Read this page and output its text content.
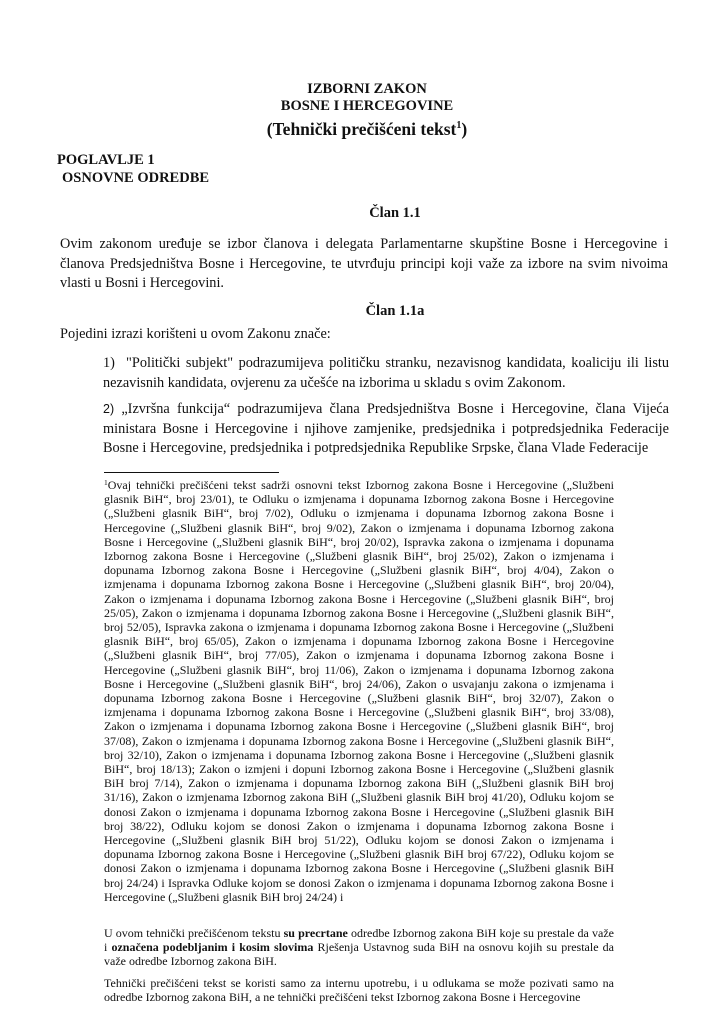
IZBORNI ZAKON
BOSNE I HERCEGOVINE
(Tehnički prečišćeni tekst$^1$)
POGLAVLJE 1
OSNOVNE ODREDBE
Član 1.1
Ovim zakonom uređuje se izbor članova i delegata Parlamentarne skupštine Bosne i Hercegovine i članova Predsjedništva Bosne i Hercegovine, te utvrđuju principi koji važe za izbore na svim nivoima vlasti u Bosni i Hercegovini.
Član 1.1a
Pojedini izrazi korišteni u ovom Zakonu znače:
1)  "Politički subjekt" podrazumijeva političku stranku, nezavisnog kandidata, koaliciju ili listu nezavisnih kandidata, ovjerenu za učešće na izborima u skladu s ovim Zakonom.
2) „Izvršna funkcija“ podrazumijeva člana Predsjedništva Bosne i Hercegovine, člana Vijeća ministara Bosne i Hercegovine i njihove zamjenike, predsjednika i potpredsjednika Federacije Bosne i Hercegovine, predsjednika i potpredsjednika Republike Srpske, člana Vlade Federacije
$^1$Ovaj tehnički prečišćeni tekst sadrži osnovni tekst Izbornog zakona Bosne i Hercegovine („Službeni glasnik BiH“, broj 23/01), te Odluku o izmjenama i dopunama Izbornog zakona Bosne i Hercegovine („Službeni glasnik BiH“, broj 7/02), Odluku o izmjenama i dopunama Izbornog zakona Bosne i Hercegovine („Službeni glasnik BiH“, broj 9/02), Zakon o izmjenama i dopunama Izbornog zakona Bosne i Hercegovine („Službeni glasnik BiH“, broj 20/02), Ispravka zakona o izmjenama i dopunama Izbornog zakona Bosne i Hercegovine („Službeni glasnik BiH“, broj 25/02), Zakon o izmjenama i dopunama Izbornog zakona Bosne i Hercegovine („Službeni glasnik BiH“, broj 4/04), Zakon o izmjenama i dopunama Izbornog zakona Bosne i Hercegovine („Službeni glasnik BiH“, broj 20/04), Zakon o izmjenama i dopunama Izbornog zakona Bosne i Hercegovine („Službeni glasnik BiH“, broj 25/05), Zakon o izmjenama i dopunama Izbornog zakona Bosne i Hercegovine („Službeni glasnik BiH“, broj 52/05), Ispravka zakona o izmjenama i dopunama Izbornog zakona Bosne i Hercegovine („Službeni glasnik BiH“, broj 65/05), Zakon o izmjenama i dopunama Izbornog zakona Bosne i Hercegovine („Službeni glasnik BiH“, broj 77/05), Zakon o izmjenama i dopunama Izbornog zakona Bosne i Hercegovine („Službeni glasnik BiH“, broj 11/06), Zakon o izmjenama i dopunama Izbornog zakona Bosne i Hercegovine („Službeni glasnik BiH“, broj 24/06), Zakon o usvajanju zakona o izmjenama i dopunama Izbornog zakona Bosne i Hercegovine („Službeni glasnik BiH“, broj 32/07), Zakon o izmjenama i dopunama Izbornog zakona Bosne i Hercegovine („Službeni glasnik BiH“, broj 33/08), Zakon o izmjenama i dopunama Izbornog zakona Bosne i Hercegovine („Službeni glasnik BiH“, broj 37/08), Zakon o izmjenama i dopunama Izbornog zakona Bosne i Hercegovine („Službeni glasnik BiH“, broj 32/10), Zakon o izmjenama i dopunama Izbornog zakona Bosne i Hercegovine („Službeni glasnik BiH“, broj 18/13); Zakon o izmjeni i dopuni Izbornog zakona Bosne i Hercegovine („Službeni glasnik BiH broj 7/14), Zakon o izmjenama i dopunama Izbornog zakona BiH („Službeni glasnik BiH broj 31/16), Zakon o izmjenama Izbornog zakona BiH („Službeni glasnik BiH broj 41/20), Odluku kojom se donosi Zakon o izmjenama i dopunama Izbornog zakona Bosne i Hercegovine („Službeni glasnik BiH broj 38/22), Odluku kojom se donosi Zakon o izmjenama i dopunama Izbornog zakona Bosne i Hercegovine („Službeni glasnik BiH broj 51/22), Odluku kojom se donosi Zakon o izmjenama i dopunama Izbornog zakona Bosne i Hercegovine („Službeni glasnik BiH broj 67/22), Odluku kojom se donosi Zakon o izmjenama i dopunama Izbornog zakona Bosne i Hercegovine („Službeni glasnik BiH broj 24/24) i Ispravka Odluke kojom se donosi Zakon o izmjenama i dopunama Izbornog zakona Bosne i Hercegovine („Službeni glasnik BiH broj 24/24) i
U ovom tehnički prečišćenom tekstu su precrtane odredbe Izbornog zakona BiH koje su prestale da važe i označena podebljanim i kosim slovima Rješenja Ustavnog suda BiH na osnovu kojih su prestale da važe odredbe Izbornog zakona BiH.
Tehnički prečišćeni tekst se koristi samo za internu upotrebu, i u odlukama se može pozivati samo na odredbe Izbornog zakona BiH, a ne tehnički prečišćeni tekst Izbornog zakona Bosne i Hercegovine
